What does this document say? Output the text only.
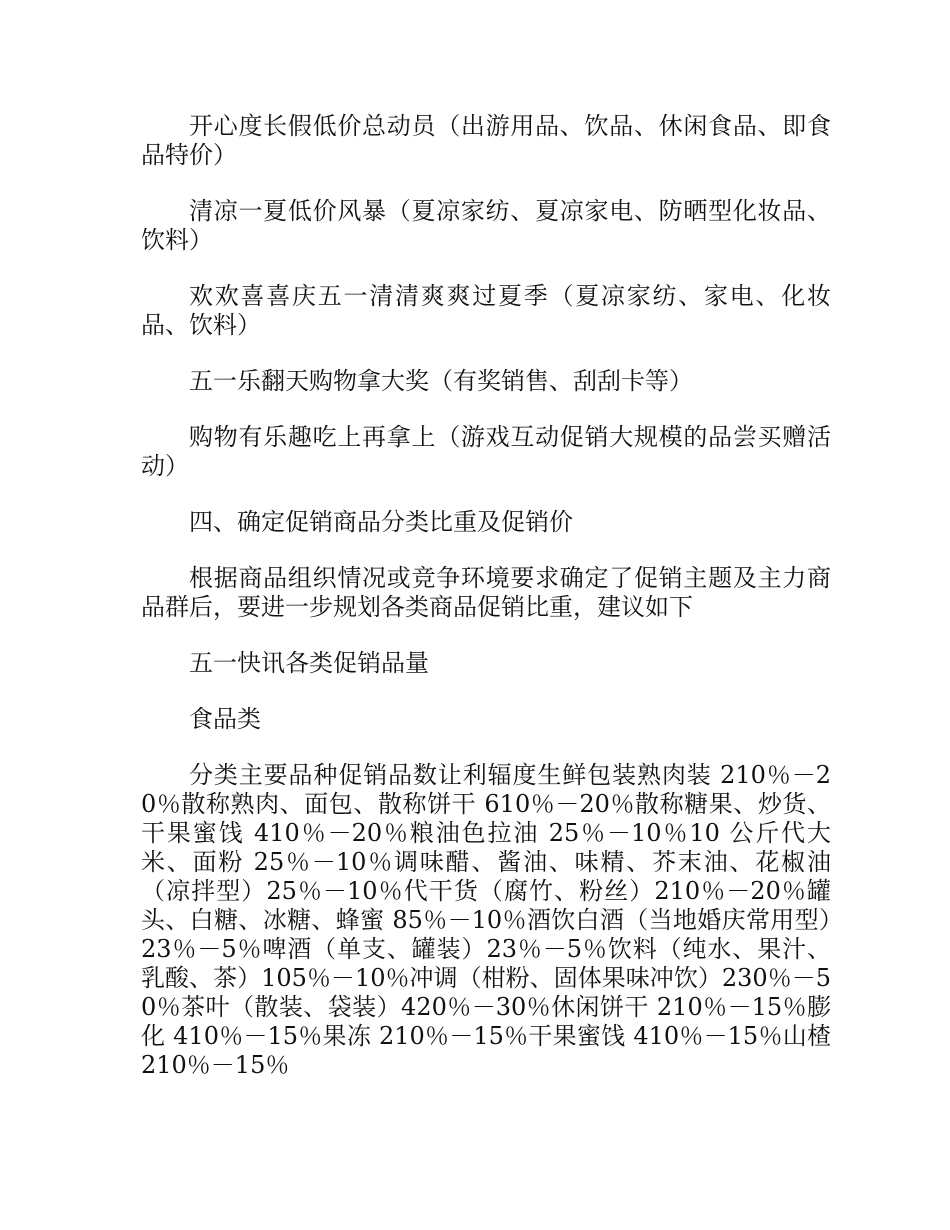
开心度长假低价总动员（出游用品、饮品、休闲食品、即食品特价）

清凉一夏低价风暴（夏凉家纺、夏凉家电、防晒型化妆品、饮料）

欢欢喜喜庆五一清清爽爽过夏季（夏凉家纺、家电、化妆品、饮料）

五一乐翻天购物拿大奖（有奖销售、刮刮卡等）

购物有乐趣吃上再拿上（游戏互动促销大规模的品尝买赠活动）

四、确定促销商品分类比重及促销价

根据商品组织情况或竞争环境要求确定了促销主题及主力商品群后，要进一步规划各类商品促销比重，建议如下

五一快讯各类促销品量

食品类

分类主要品种促销品数让利辐度生鲜包装熟肉装 210％－20％散称熟肉、面包、散称饼干 610％－20％散称糖果、炒货、干果蜜饯 410％－20％粮油色拉油 25％－10％10 公斤代大米、面粉 25％－10％调味醋、酱油、味精、芥末油、花椒油（凉拌型）25％－10％代干货（腐竹、粉丝）210％－20％罐头、白糖、冰糖、蜂蜜 85％－10％酒饮白酒（当地婚庆常用型）23％－5％啤酒（单支、罐装）23％－5％饮料（纯水、果汁、乳酸、茶）105％－10％冲调（柑粉、固体果味冲饮）230％－50％茶叶（散装、袋装）420％－30％休闲饼干 210％－15％膨化 410％－15％果冻 210％－15％干果蜜饯 410％－15％山楂 210％－15％
